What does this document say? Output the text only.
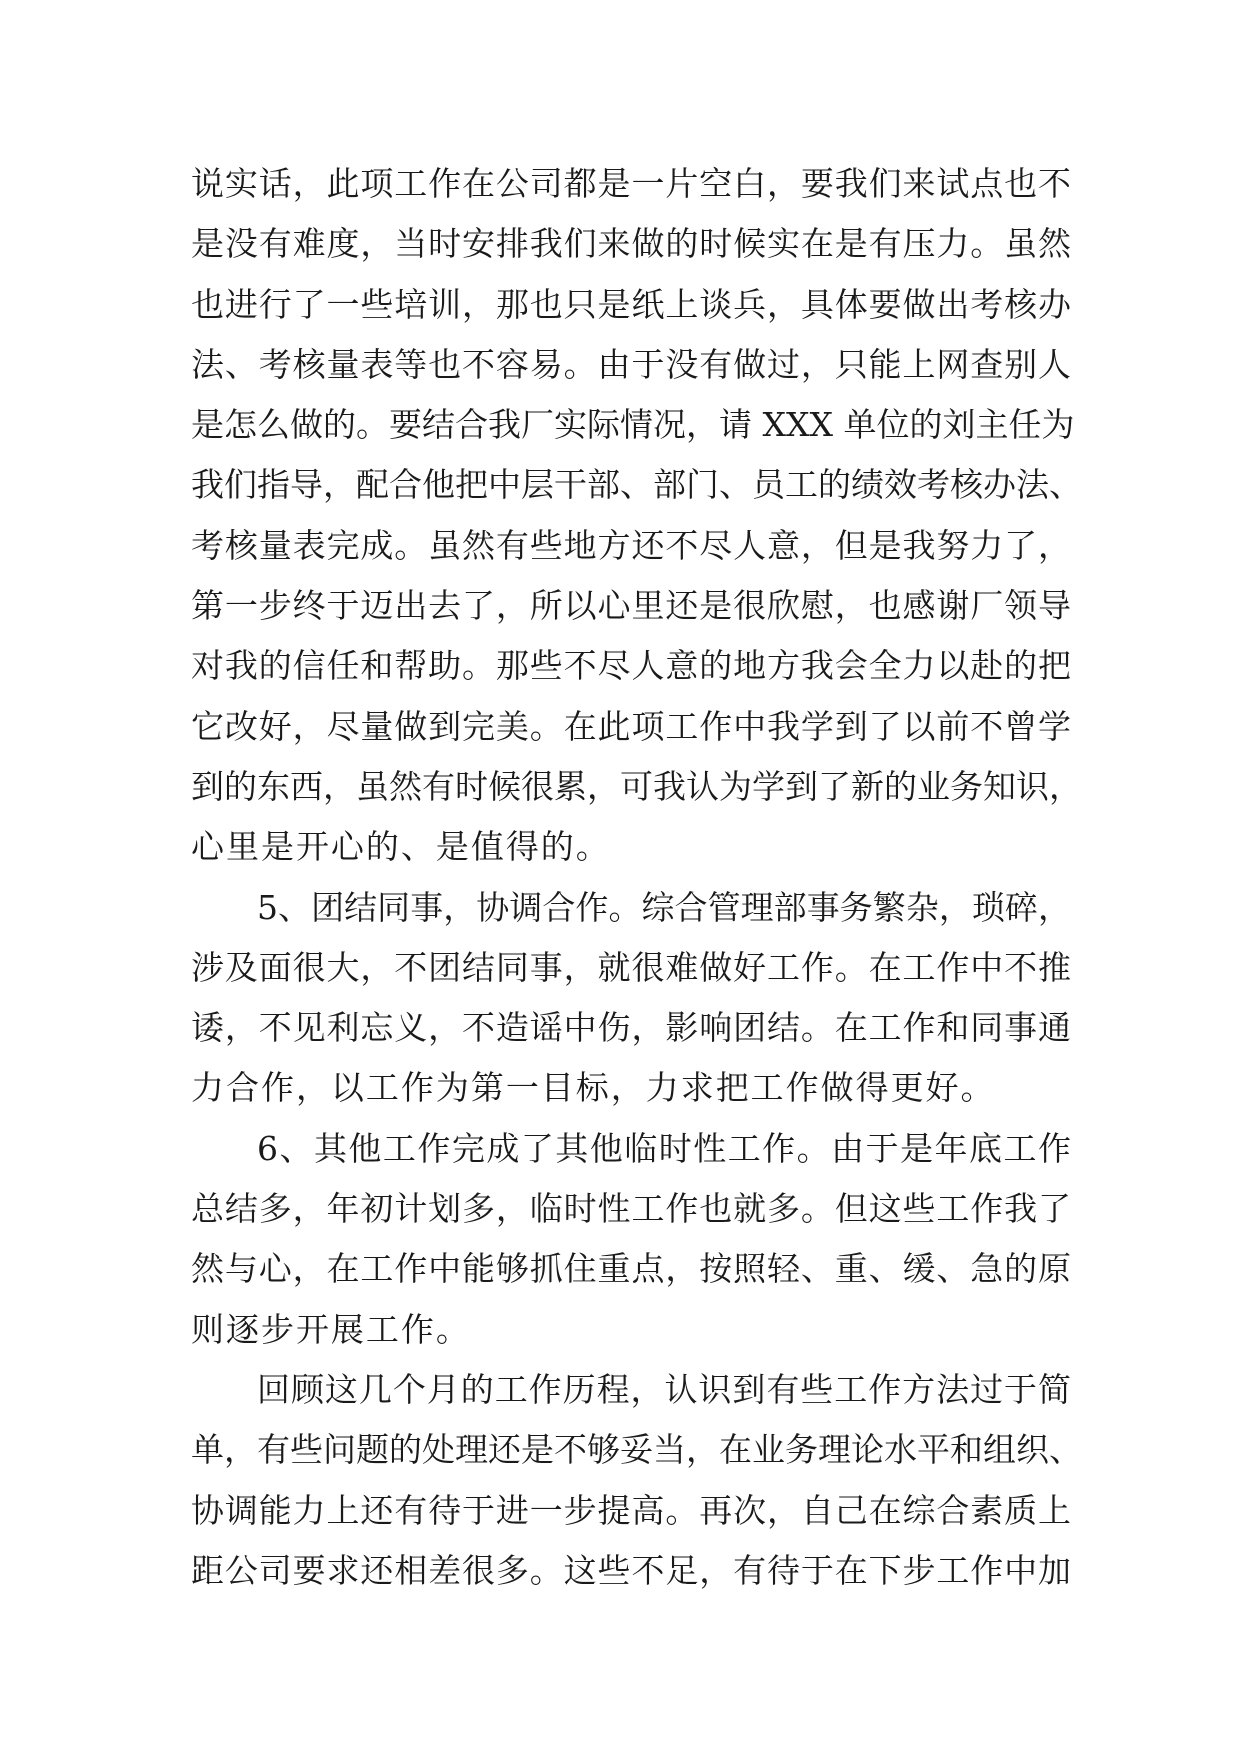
说实话，此项工作在公司都是一片空白，要我们来试点也不
是没有难度，当时安排我们来做的时候实在是有压力。虽然
也进行了一些培训，那也只是纸上谈兵，具体要做出考核办
法、考核量表等也不容易。由于没有做过，只能上网查别人
是怎么做的。要结合我厂实际情况，请 XXX 单位的刘主任为
我们指导，配合他把中层干部、部门、员工的绩效考核办法、
考核量表完成。虽然有些地方还不尽人意，但是我努力了，
第一步终于迈出去了，所以心里还是很欣慰，也感谢厂领导
对我的信任和帮助。那些不尽人意的地方我会全力以赴的把
它改好，尽量做到完美。在此项工作中我学到了以前不曾学
到的东西，虽然有时候很累，可我认为学到了新的业务知识，
心里是开心的、是值得的。
5、团结同事，协调合作。综合管理部事务繁杂，琐碎，
涉及面很大，不团结同事，就很难做好工作。在工作中不推
诿，不见利忘义，不造谣中伤，影响团结。在工作和同事通
力合作，以工作为第一目标，力求把工作做得更好。
6、其他工作完成了其他临时性工作。由于是年底工作
总结多，年初计划多，临时性工作也就多。但这些工作我了
然与心，在工作中能够抓住重点，按照轻、重、缓、急的原
则逐步开展工作。
回顾这几个月的工作历程，认识到有些工作方法过于简
单，有些问题的处理还是不够妥当，在业务理论水平和组织、
协调能力上还有待于进一步提高。再次，自己在综合素质上
距公司要求还相差很多。这些不足，有待于在下步工作中加
